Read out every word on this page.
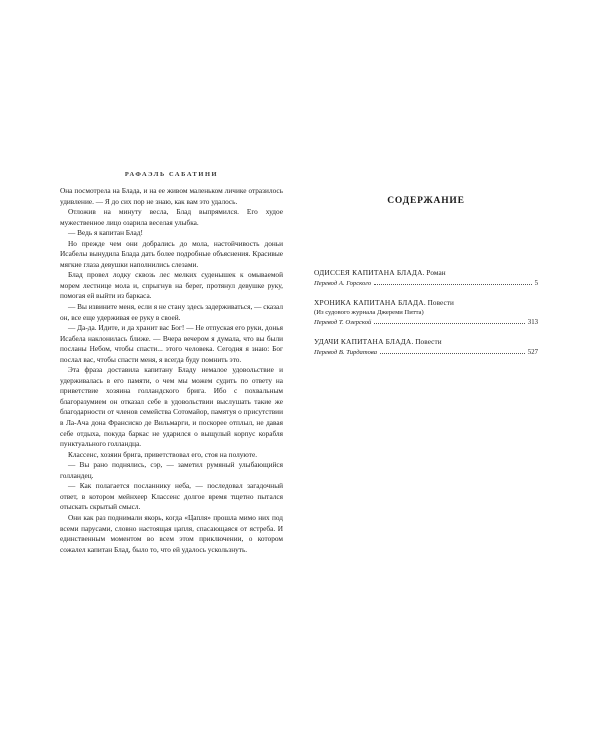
РАФАЭЛЬ САБАТИНИ

Она посмотрела на Блада, и на ее живом маленьком личике отразилось удивление. — Я до сих пор не знаю, как вам это удалось.

Отложив на минуту весла, Блад выпрямился. Его худое мужественное лицо озарила веселая улыбка.

— Ведь я капитан Блад!

Но прежде чем они добрались до мола, настойчивость доньи Исабелы вынудила Блада дать более подробные объяснения. Красивые мягкие глаза девушки наполнились слезами.

Блад провел лодку сквозь лес мелких суденышек к омываемой морем лестнице мола и, спрыгнув на берег, протянул девушке руку, помогая ей выйти из баркаса.

— Вы извините меня, если я не стану здесь задерживаться, — сказал он, все еще удерживая ее руку в своей.

— Да-да. Идите, и да хранит вас Бог! — Не отпуская его руки, донья Исабела наклонилась ближе. — Вчера вечером я думала, что вы были посланы Небом, чтобы спасти... этого человека. Сегодня я знаю: Бог послал вас, чтобы спасти меня, я всегда буду помнить это.

Эта фраза доставила капитану Бладу немалое удовольствие и удерживалась в его памяти, о чем мы можем судить по ответу на приветствие хозяина голландского брига. Ибо с похвальным благоразумием он отказал себе в удовольствии выслушать такие же благодарности от членов семейства Сотомайор, памятуя о присутствии в Ла-Ача дона Франсиско де Вильмарги, и поскорее отплыл, не давая себе отдыха, покуда баркас не ударился о выщулый корпус корабля пунктуального голландца.

Классенс, хозяин брига, приветствовал его, стоя на полуюте.

— Вы рано поднялись, сэр, — заметил румяный улыбающийся голландец.

— Как полагается посланнику неба, — последовал загадочный ответ, в котором мейнхеер Классенс долгое время тщетно пытался отыскать скрытый смысл.

Они как раз поднимали якорь, когда «Цапля» прошла мимо них под всеми парусами, словно настоящая цапля, спасающаяся от ястреба. И единственным моментом во всем этом приключении, о котором сожалел капитан Блад, было то, что ей удалось ускользнуть.

СОДЕРЖАНИЕ
ОДИССЕЯ КАПИТАНА БЛАДА. Роман
Перевод А. Горского	5
ХРОНИКА КАПИТАНА БЛАДА. Повести
(Из судового журнала Джереми Питта)
Перевод Т. Озерской	313
УДАЧИ КАПИТАНА БЛАДА. Повести
Перевод В. Тирдатова	527
